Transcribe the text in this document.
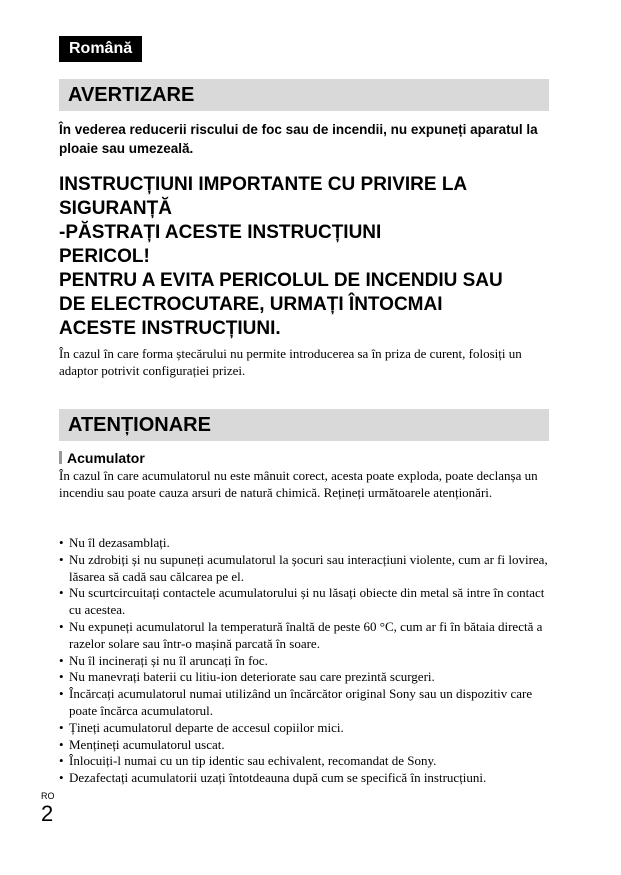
Română
AVERTIZARE
În vederea reducerii riscului de foc sau de incendii, nu expuneți aparatul la ploaie sau umezeală.
INSTRUCȚIUNI IMPORTANTE CU PRIVIRE LA
SIGURANȚĂ
-PĂSTRAȚI ACESTE INSTRUCȚIUNI
PERICOL!
PENTRU A EVITA PERICOLUL DE INCENDIU SAU
DE ELECTROCUTARE, URMAȚI ÎNTOCMAI
ACESTE INSTRUCȚIUNI.
În cazul în care forma ștecărului nu permite introducerea sa în priza de curent, folosiți un adaptor potrivit configurației prizei.
ATENȚIONARE
Acumulator
În cazul în care acumulatorul nu este mânuit corect, acesta poate exploda, poate declanșa un incendiu sau poate cauza arsuri de natură chimică. Rețineți următoarele atenționări.
• Nu îl dezasamblați.
• Nu zdrobiți și nu supuneți acumulatorul la șocuri sau interacțiuni violente, cum ar fi lovirea, lăsarea să cadă sau călcarea pe el.
• Nu scurtcircuitați contactele acumulatorului și nu lăsați obiecte din metal să intre în contact cu acestea.
• Nu expuneți acumulatorul la temperatură înaltă de peste 60 °C, cum ar fi în bătaia directă a razelor solare sau într-o mașină parcată în soare.
• Nu îl incinerați și nu îl aruncați în foc.
• Nu manevrați baterii cu litiu-ion deteriorate sau care prezintă scurgeri.
• Încărcați acumulatorul numai utilizând un încărcător original Sony sau un dispozitiv care poate încărca acumulatorul.
• Țineți acumulatorul departe de accesul copiilor mici.
• Mențineți acumulatorul uscat.
• Înlocuiți-l numai cu un tip identic sau echivalent, recomandat de Sony.
• Dezafectați acumulatorii uzați întotdeauna după cum se specifică în instrucțiuni.
RO
2
